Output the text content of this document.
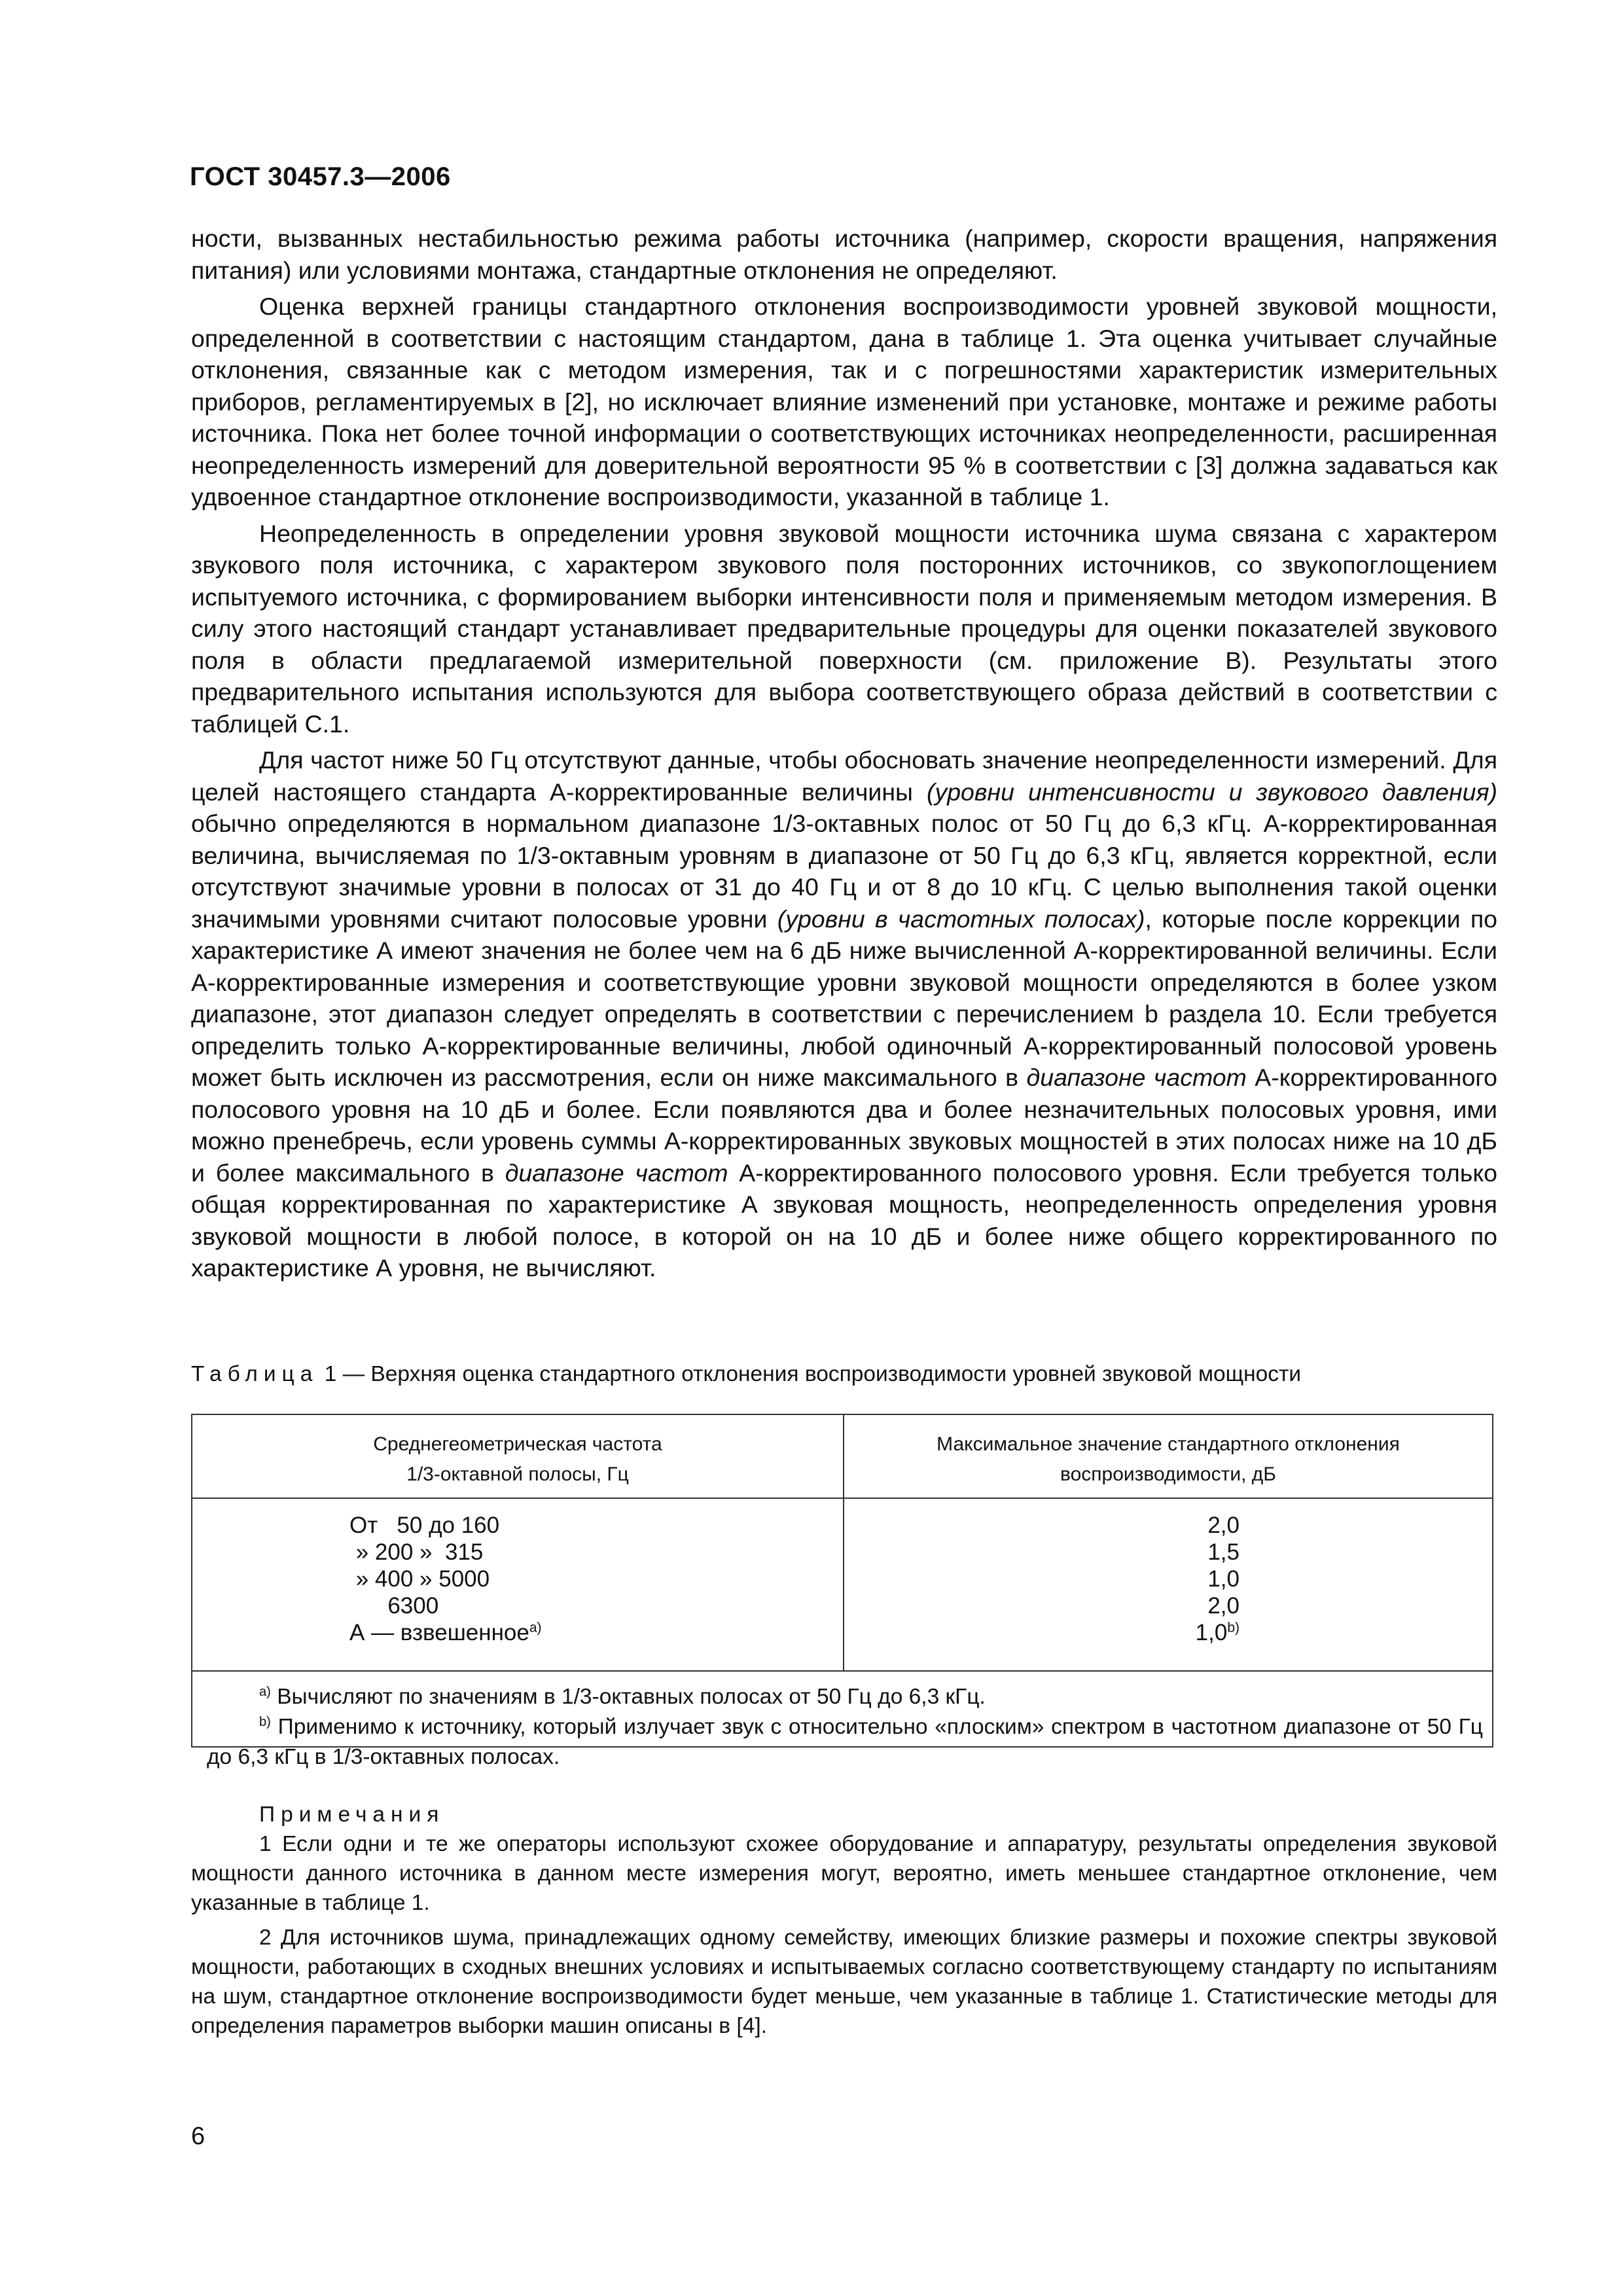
ГОСТ 30457.3—2006

ности, вызванных нестабильностью режима работы источника (например, скорости вращения, напряжения питания) или условиями монтажа, стандартные отклонения не определяют.

Оценка верхней границы стандартного отклонения воспроизводимости уровней звуковой мощности, определенной в соответствии с настоящим стандартом, дана в таблице 1. Эта оценка учитывает случайные отклонения, связанные как с методом измерения, так и с погрешностями характеристик измерительных приборов, регламентируемых в [2], но исключает влияние изменений при установке, монтаже и режиме работы источника. Пока нет более точной информации о соответствующих источниках неопределенности, расширенная неопределенность измерений для доверительной вероятности 95 % в соответствии с [3] должна задаваться как удвоенное стандартное отклонение воспроизводимости, указанной в таблице 1.

Неопределенность в определении уровня звуковой мощности источника шума связана с характером звукового поля источника, с характером звукового поля посторонних источников, со звукопоглощением испытуемого источника, с формированием выборки интенсивности поля и применяемым методом измерения. В силу этого настоящий стандарт устанавливает предварительные процедуры для оценки показателей звукового поля в области предлагаемой измерительной поверхности (см. приложение В). Результаты этого предварительного испытания используются для выбора соответствующего образа действий в соответствии с таблицей С.1.

Для частот ниже 50 Гц отсутствуют данные, чтобы обосновать значение неопределенности измерений. Для целей настоящего стандарта А-корректированные величины (уровни интенсивности и звукового давления) обычно определяются в нормальном диапазоне 1/3-октавных полос от 50 Гц до 6,3 кГц. А-корректированная величина, вычисляемая по 1/3-октавным уровням в диапазоне от 50 Гц до 6,3 кГц, является корректной, если отсутствуют значимые уровни в полосах от 31 до 40 Гц и от 8 до 10 кГц. С целью выполнения такой оценки значимыми уровнями считают полосовые уровни (уровни в частотных полосах), которые после коррекции по характеристике А имеют значения не более чем на 6 дБ ниже вычисленной А-корректированной величины. Если А-корректированные измерения и соответствующие уровни звуковой мощности определяются в более узком диапазоне, этот диапазон следует определять в соответствии с перечислением b раздела 10. Если требуется определить только А-корректированные величины, любой одиночный А-корректированный полосовой уровень может быть исключен из рассмотрения, если он ниже максимального в диапазоне частот А-корректированного полосового уровня на 10 дБ и более. Если появляются два и более незначительных полосовых уровня, ими можно пренебречь, если уровень суммы А-корректированных звуковых мощностей в этих полосах ниже на 10 дБ и более максимального в диапазоне частот А-корректированного полосового уровня. Если требуется только общая корректированная по характеристике А звуковая мощность, неопределенность определения уровня звуковой мощности в любой полосе, в которой он на 10 дБ и более ниже общего корректированного по характеристике А уровня, не вычисляют.

Таблица 1 — Верхняя оценка стандартного отклонения воспроизводимости уровней звуковой мощности
Среднегеометрическая частота
1/3-октавной полосы, Гц
Максимальное значение стандартного отклонения
воспроизводимости, дБ
От   50 до 160
» 200 »  315
» 400 » 5000
6300
А — взвешенное$^{a)}$
2,0
1,5
1,0
2,0
1,0$^{b)}$
$^{a)}$ Вычисляют по значениям в 1/3-октавных полосах от 50 Гц до 6,3 кГц.
$^{b)}$ Применимо к источнику, который излучает звук с относительно «плоским» спектром в частотном диапазоне от 50 Гц до 6,3 кГц в 1/3-октавных полосах.
Примечания
1 Если одни и те же операторы используют схожее оборудование и аппаратуру, результаты определения звуковой мощности данного источника в данном месте измерения могут, вероятно, иметь меньшее стандартное отклонение, чем указанные в таблице 1.
2 Для источников шума, принадлежащих одному семейству, имеющих близкие размеры и похожие спектры звуковой мощности, работающих в сходных внешних условиях и испытываемых согласно соответствующему стандарту по испытаниям на шум, стандартное отклонение воспроизводимости будет меньше, чем указанные в таблице 1. Статистические методы для определения параметров выборки машин описаны в [4].
6
